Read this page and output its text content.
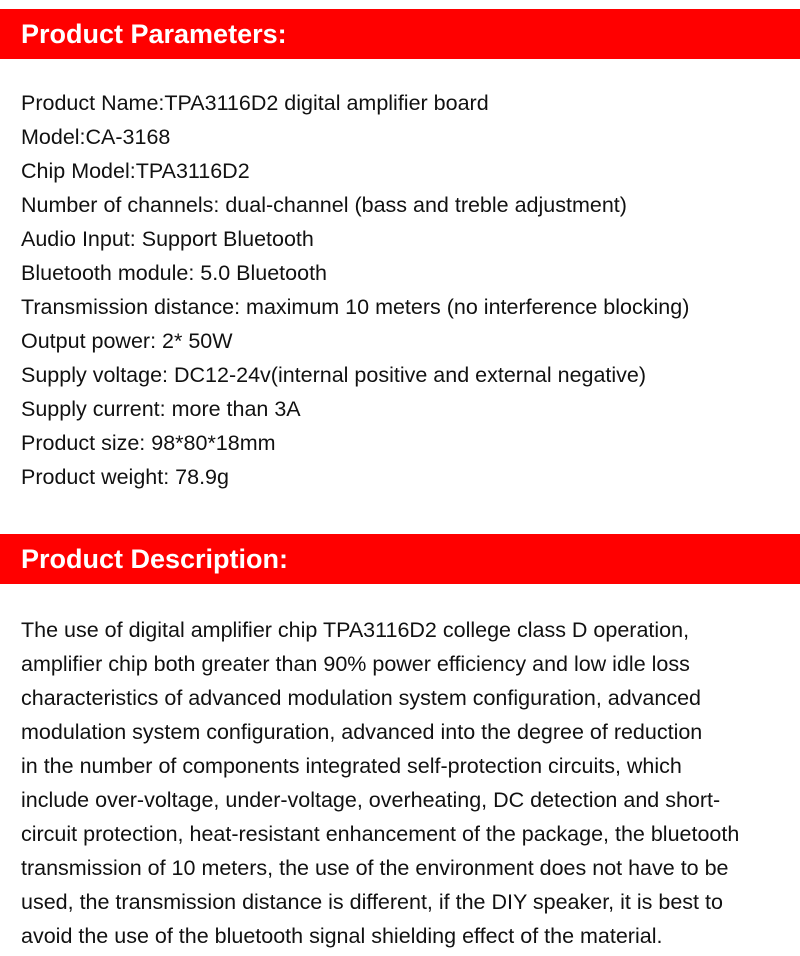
Product Parameters:
Product Name:TPA3116D2 digital amplifier board
Model:CA-3168
Chip Model:TPA3116D2
Number of channels: dual-channel (bass and treble adjustment)
Audio Input: Support Bluetooth
Bluetooth module: 5.0 Bluetooth
Transmission distance: maximum 10 meters (no interference blocking)
Output power: 2* 50W
Supply voltage: DC12-24v(internal positive and external negative)
Supply current: more than 3A
Product size: 98*80*18mm
Product weight: 78.9g
Product Description:
The use of digital amplifier chip TPA3116D2 college class D operation,
amplifier chip both greater than 90% power efficiency and low idle loss
characteristics of advanced modulation system configuration, advanced
modulation system configuration, advanced into the degree of reduction
in the number of components integrated self-protection circuits, which
include over-voltage, under-voltage, overheating, DC detection and short-
circuit protection, heat-resistant enhancement of the package, the bluetooth
transmission of 10 meters, the use of the environment does not have to be
used, the transmission distance is different, if the DIY speaker, it is best to
avoid the use of the bluetooth signal shielding effect of the material.
